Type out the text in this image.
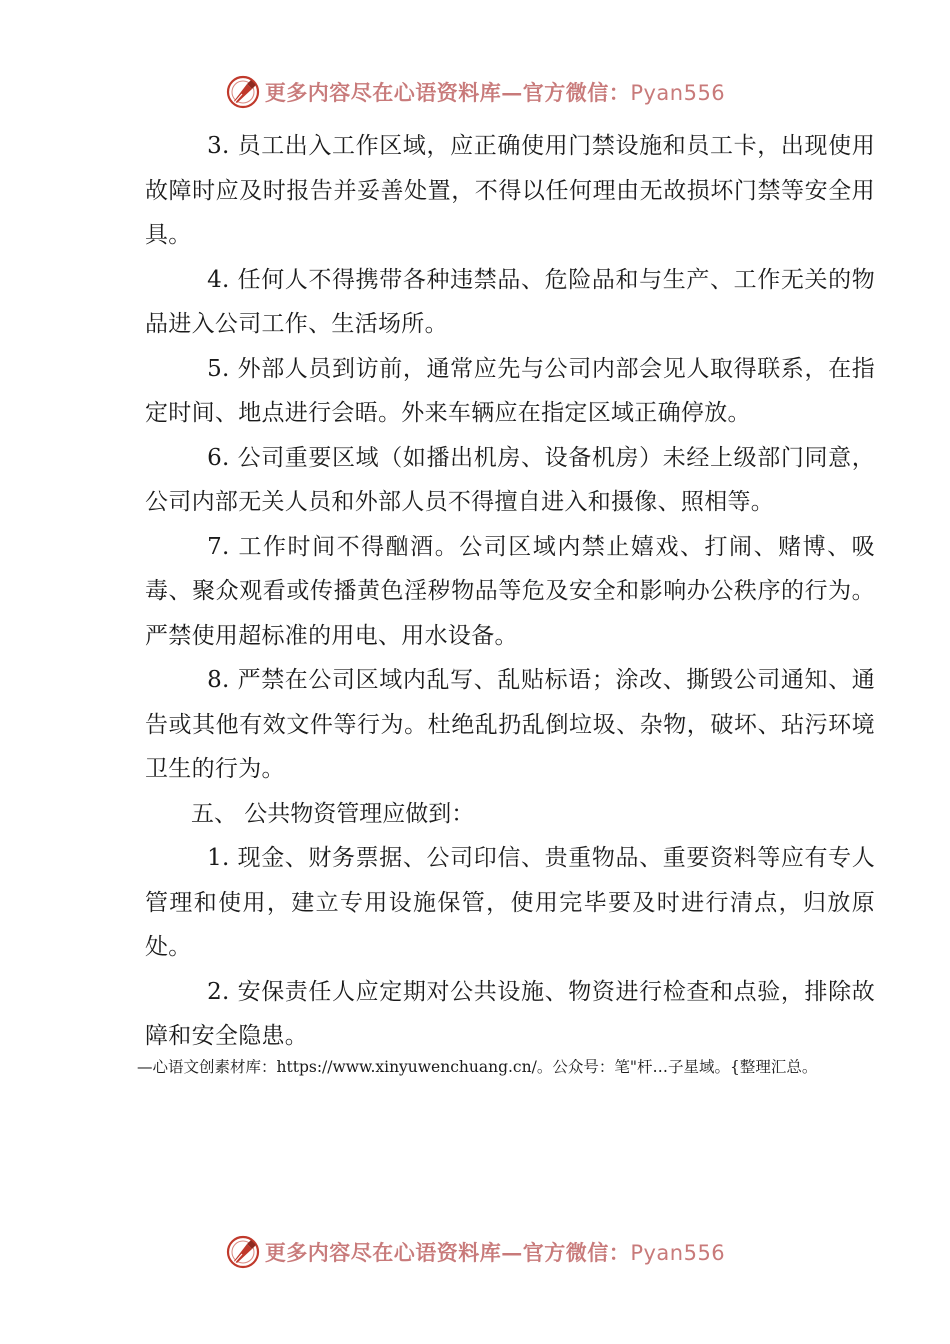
更多内容尽在心语资料库—官方微信：Pyan556

3. 员工出入工作区域，应正确使用门禁设施和员工卡，出现使用故障时应及时报告并妥善处置，不得以任何理由无故损坏门禁等安全用具。

4. 任何人不得携带各种违禁品、危险品和与生产、工作无关的物品进入公司工作、生活场所。

5. 外部人员到访前，通常应先与公司内部会见人取得联系，在指定时间、地点进行会晤。外来车辆应在指定区域正确停放。

6. 公司重要区域（如播出机房、设备机房）未经上级部门同意，公司内部无关人员和外部人员不得擅自进入和摄像、照相等。

7. 工作时间不得酗酒。公司区域内禁止嬉戏、打闹、赌博、吸毒、聚众观看或传播黄色淫秽物品等危及安全和影响办公秩序的行为。严禁使用超标准的用电、用水设备。

8. 严禁在公司区域内乱写、乱贴标语；涂改、撕毁公司通知、通告或其他有效文件等行为。杜绝乱扔乱倒垃圾、杂物，破坏、玷污环境卫生的行为。

五、 公共物资管理应做到：

1. 现金、财务票据、公司印信、贵重物品、重要资料等应有专人管理和使用，建立专用设施保管，使用完毕要及时进行清点，归放原处。

2. 安保责任人应定期对公共设施、物资进行检查和点验，排除故障和安全隐患。

—心语文创素材库：https://www.xinyuwenchuang.cn/。公众号：笔"杆…子星域。{整理汇总。
更多内容尽在心语资料库—官方微信：Pyan556
